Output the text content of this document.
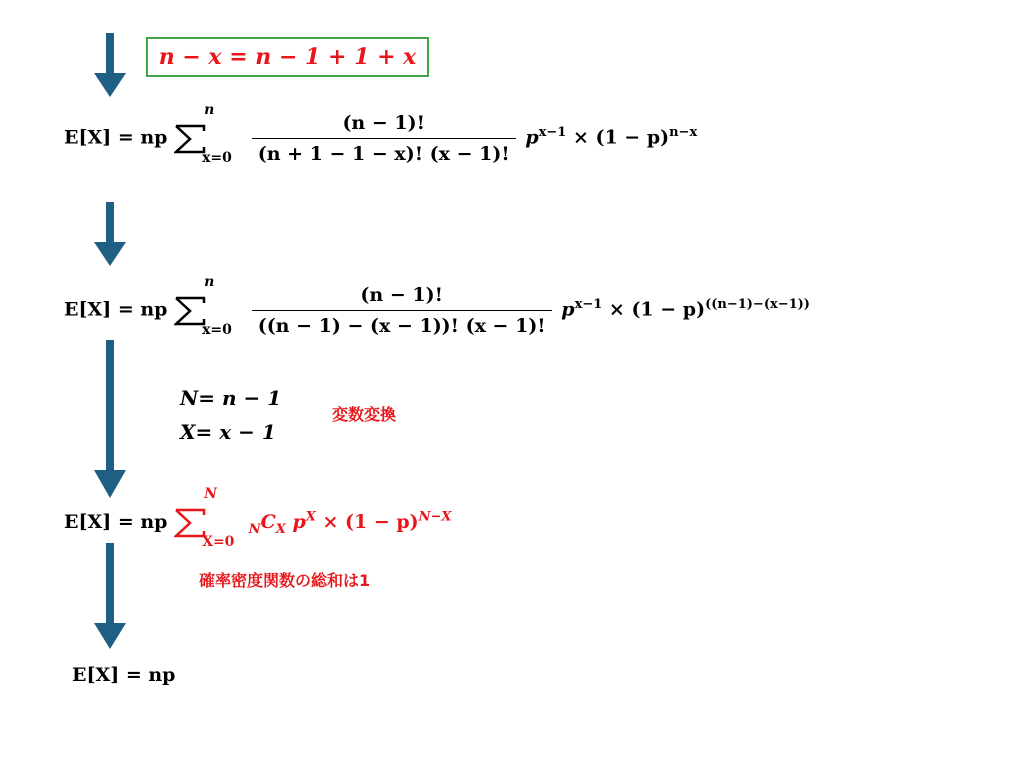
n − x = n − 1 + 1 + x
E[X] = np
n
x=0
$\frac{(n - 1)!}{(n + 1 - 1 - x)! (x - 1)!} p^{x-1} \times (1 - p)^{n-x}$
E[X] = np
n
x=0
$\frac{(n - 1)!}{((n - 1) - (x - 1))! (x - 1)!} p^{x-1} \times (1 - p)^{((n-1)-(x-1))}$
N= n − 1
X= x − 1
変数変換
E[X] = np
N
X=0
$_NC_X$ $p^X \times (1 - p)^{N-X}$
確率密度関数の総和は1
E[X] = np
